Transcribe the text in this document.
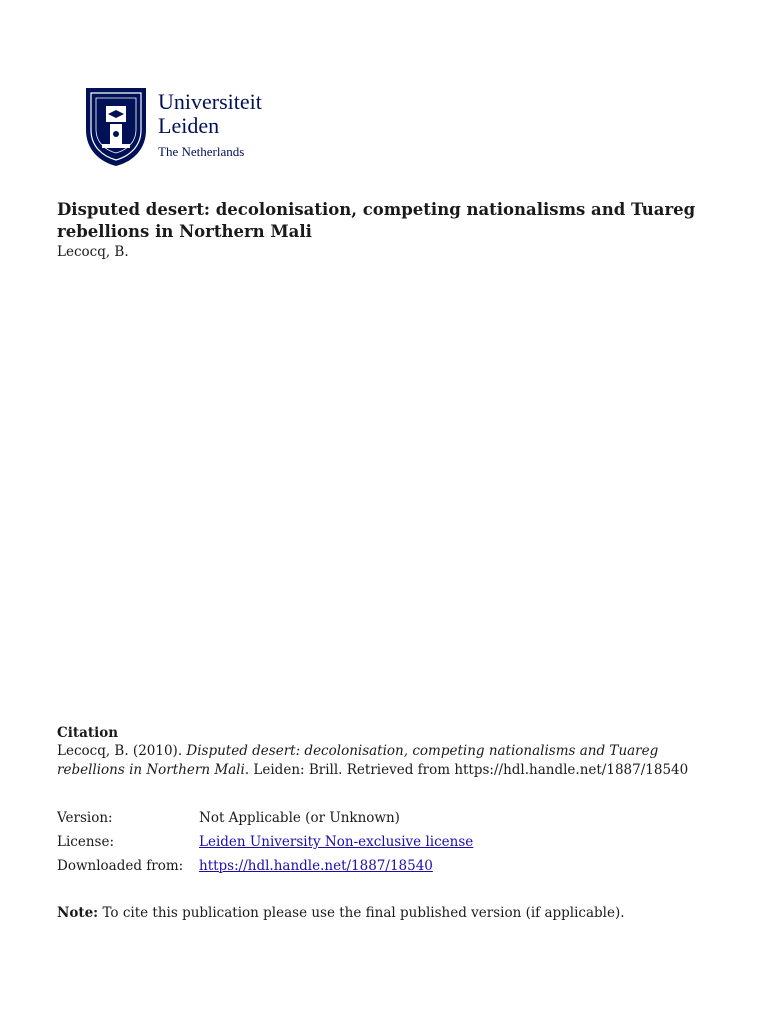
Universiteit
Leiden
The Netherlands
Disputed desert: decolonisation, competing nationalisms and Tuareg rebellions in Northern Mali
Lecocq, B.
Citation
Lecocq, B. (2010). Disputed desert: decolonisation, competing nationalisms and Tuareg rebellions in Northern Mali. Leiden: Brill. Retrieved from https://hdl.handle.net/1887/18540
Version:	Not Applicable (or Unknown)
License:	Leiden University Non-exclusive license
Downloaded from:	https://hdl.handle.net/1887/18540
Note: To cite this publication please use the final published version (if applicable).
